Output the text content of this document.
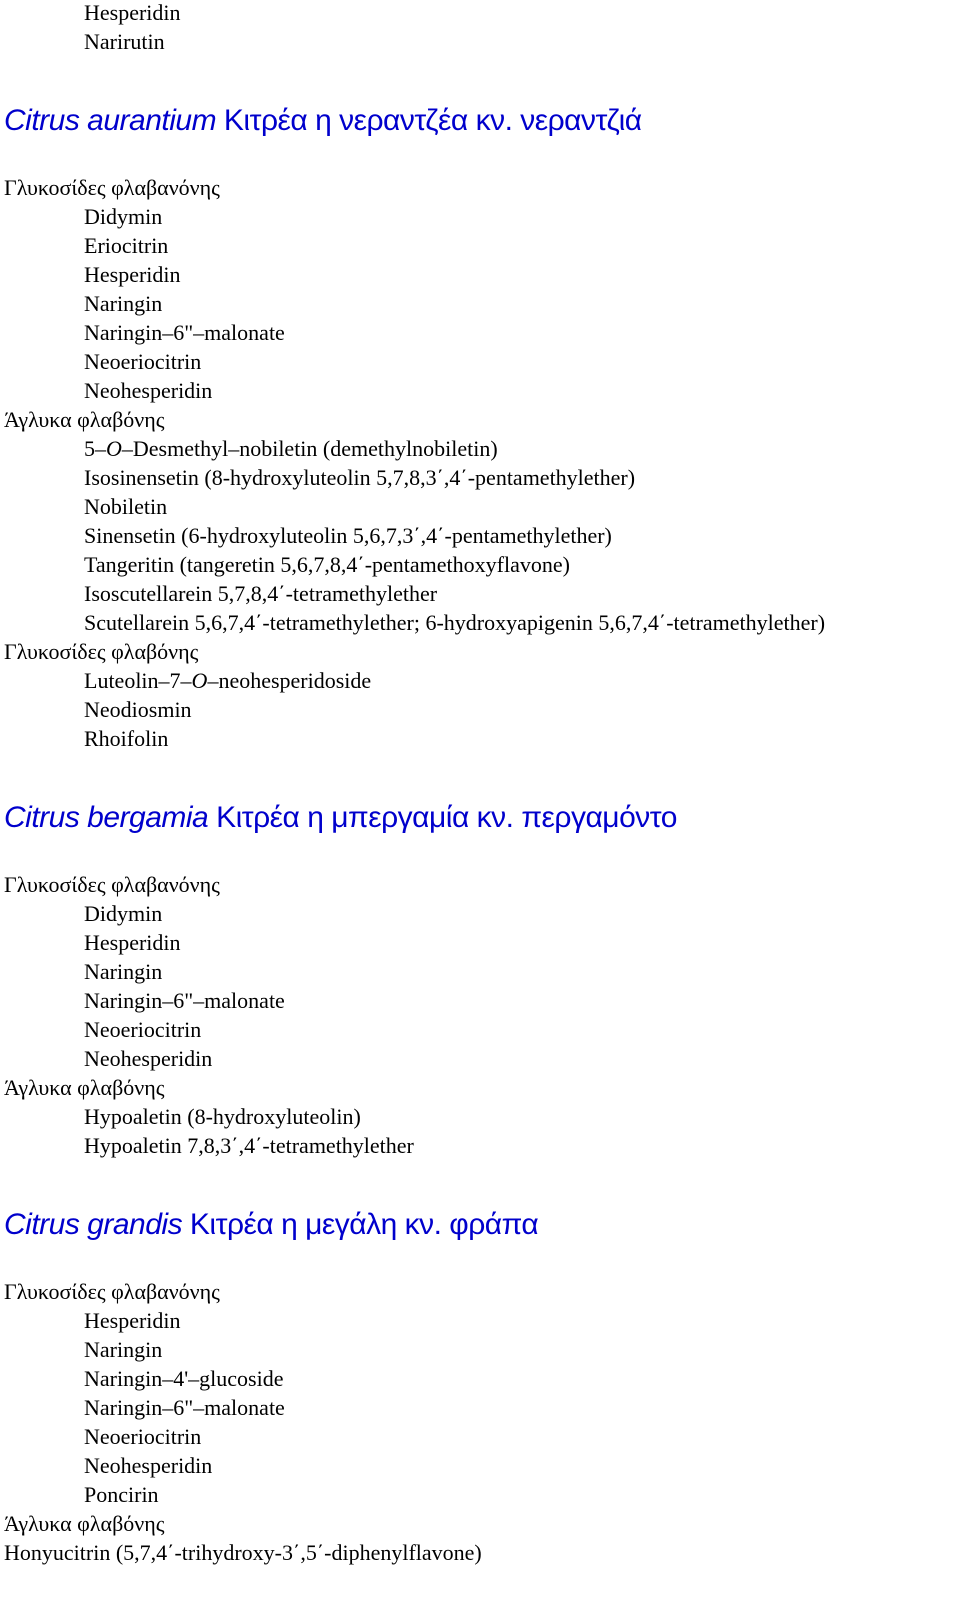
Hesperidin
Narirutin
Citrus aurantium Κιτρέα η νεραντζέα κν. νεραντζιά
Γλυκοσίδες φλαβανόνης
Didymin
Eriocitrin
Hesperidin
Naringin
Naringin–6"–malonate
Neoeriocitrin
Neohesperidin
Άγλυκα φλαβόνης
5–O–Desmethyl–nobiletin (demethylnobiletin)
Isosinensetin (8-hydroxyluteolin 5,7,8,3΄,4΄-pentamethylether)
Nobiletin
Sinensetin (6-hydroxyluteolin 5,6,7,3΄,4΄-pentamethylether)
Tangeritin (tangeretin 5,6,7,8,4΄-pentamethoxyflavone)
Isoscutellarein 5,7,8,4΄-tetramethylether
Scutellarein 5,6,7,4΄-tetramethylether; 6-hydroxyapigenin 5,6,7,4΄-tetramethylether)
Γλυκοσίδες φλαβόνης
Luteolin–7–O–neohesperidoside
Neodiosmin
Rhoifolin
Citrus bergamia Κιτρέα η μπεργαμία κν. περγαμόντο
Γλυκοσίδες φλαβανόνης
Didymin
Hesperidin
Naringin
Naringin–6"–malonate
Neoeriocitrin
Neohesperidin
Άγλυκα φλαβόνης
Hypoaletin (8-hydroxyluteolin)
Hypoaletin 7,8,3΄,4΄-tetramethylether
Citrus grandis Κιτρέα η μεγάλη κν. φράπα
Γλυκοσίδες φλαβανόνης
Hesperidin
Naringin
Naringin–4'–glucoside
Naringin–6"–malonate
Neoeriocitrin
Neohesperidin
Poncirin
Άγλυκα φλαβόνης
Honyucitrin (5,7,4΄-trihydroxy-3΄,5΄-diphenylflavone)
